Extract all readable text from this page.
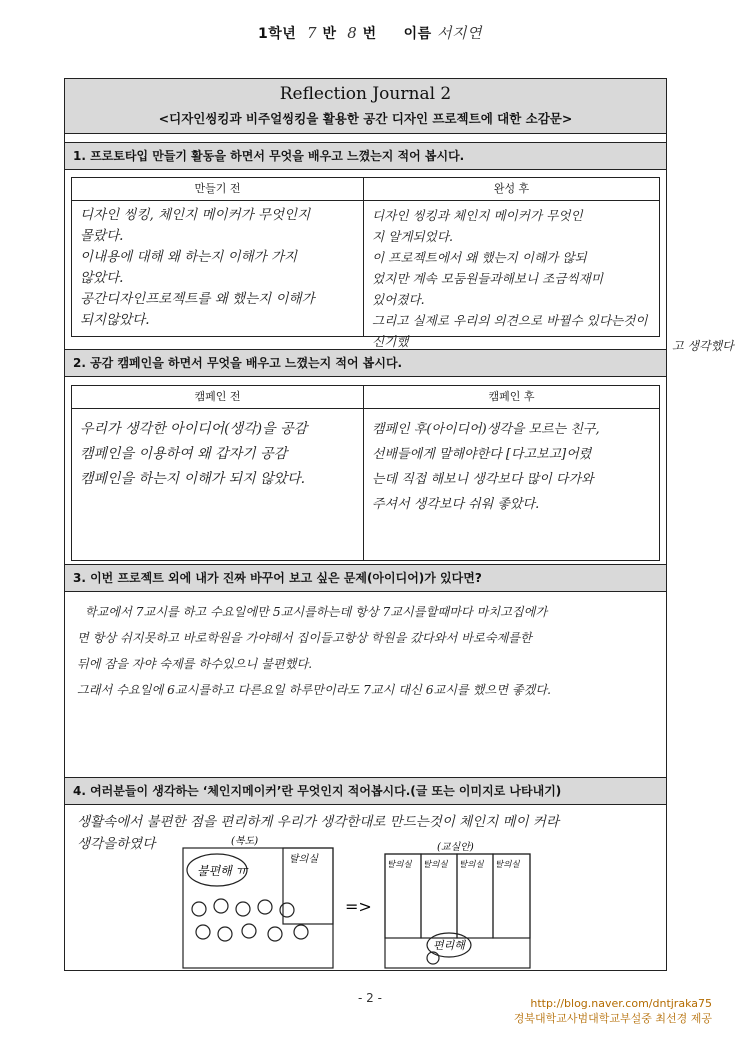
1학년 7 반 8 번 이름 서지연
Reflection Journal 2
<디자인씽킹과 비주얼씽킹을 활용한 공간 디자인 프로젝트에 대한 소감문>
1. 프로토타입 만들기 활동을 하면서 무엇을 배우고 느꼈는지 적어 봅시다.
만들기 전
디자인 씽킹, 체인지 메이커가 무엇인지
몰랐다.
이내용에 대해 왜 하는지 이해가 가지
않았다.
공간디자인프로젝트를 왜 했는지 이해가
되지않았다.
완성 후
디자인 씽킹과 체인지 메이커가 무엇인
지 알게되었다.
이 프로젝트에서 왜 했는지 이해가 않되
었지만 계속 모둠원들과해보니 조금씩재미
있어졌다.
그리고 실제로 우리의 의견으로 바뀔수 있다는것이 신기했
2. 공감 캠페인을 하면서 무엇을 배우고 느꼈는지 적어 봅시다.
캠페인 전
우리가 생각한 아이디어(생각)을 공감
캠페인을 이용하여 왜 갑자기 공감
캠페인을 하는지 이해가 되지 않았다.
캠페인 후
캠페인 후(아이디어)생각을 모르는 친구,
선배들에게 말해야한다 [다고보고]어렸
는데 직접 해보니 생각보다 많이 다가와
주셔서 생각보다 쉬워 좋았다.
3. 이번 프로젝트 외에 내가 진짜 바꾸어 보고 싶은 문제(아이디어)가 있다면?
학교에서 7교시를 하고 수요일에만 5교시를하는데 항상 7교시를할때마다 마치고집에가
면 항상 쉬지못하고 바로학원을 가야해서 집이들고항상 학원을 갔다와서 바로숙제를한
뒤에 잠을 자야 숙제를 하수있으니 불편했다.
그래서 수요일에 6교시를하고 다른요일 하루만이라도 7교시 대신 6교시를 했으면 좋겠다.
4. 여러분들이 생각하는 ‘체인지메이커’란 무엇인지 적어봅시다.(글 또는 이미지로 나타내기)
생활속에서 불편한 점을 편리하게 우리가 생각한대로 만드는것이 체인지 메이 커라
생각을하였다	(복도)
불편해 ㅠ
탈의실
=>
(교실안)
탈의실 탈의실 탈의실 탈의실
편리해
고 생각했다
- 2 -	http://blog.naver.com/dntjraka75
경북대학교사범대학교부설중 최선경 제공
